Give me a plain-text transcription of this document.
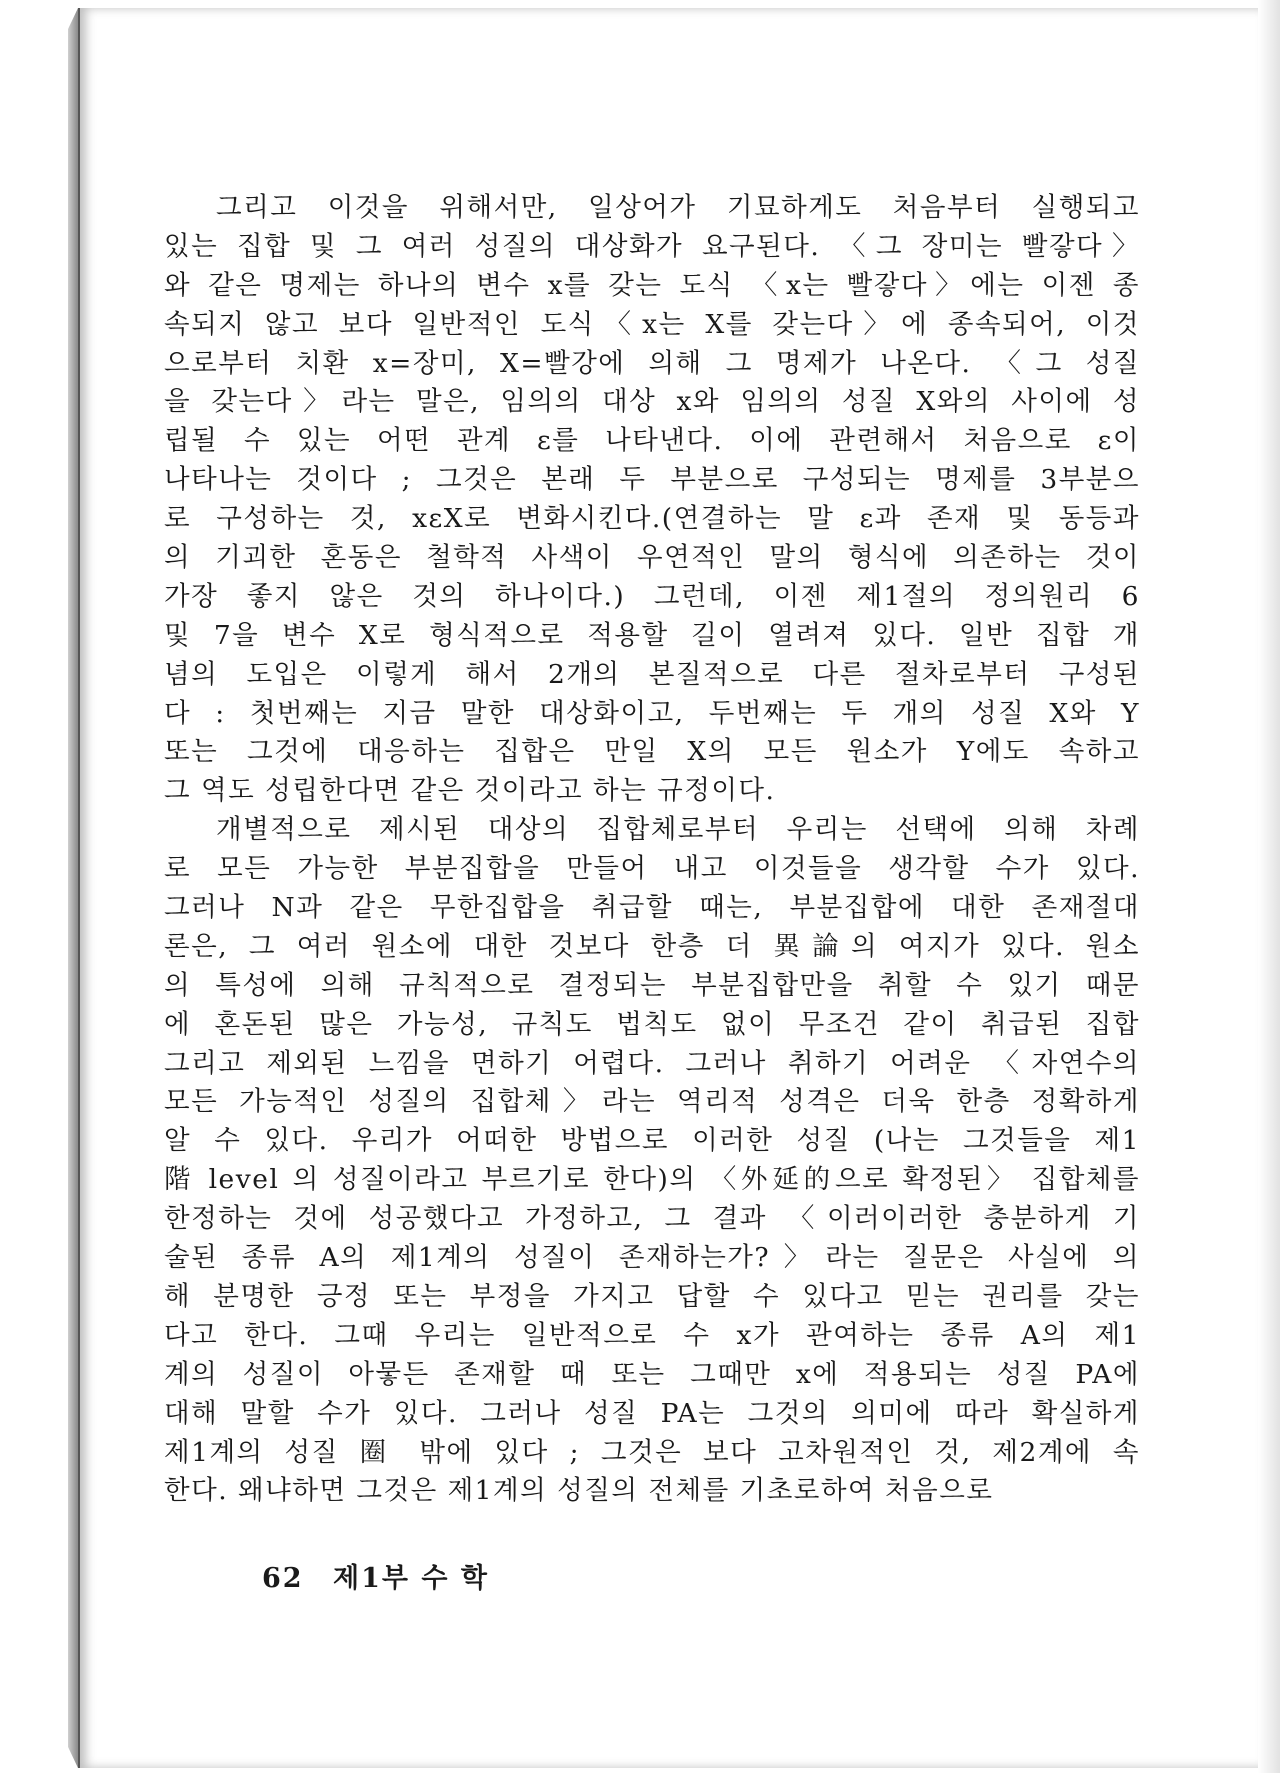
그리고 이것을 위해서만, 일상어가 기묘하게도 처음부터 실행되고
있는 집합 및 그 여러 성질의 대상화가 요구된다. 〈그 장미는 빨갛다〉
와 같은 명제는 하나의 변수 x를 갖는 도식 〈x는 빨갛다〉에는 이젠 종
속되지 않고 보다 일반적인 도식〈x는 X를 갖는다〉에 종속되어, 이것
으로부터 치환 x=장미, X=빨강에 의해 그 명제가 나온다. 〈그 성질
을 갖는다〉라는 말은, 임의의 대상 x와 임의의 성질 X와의 사이에 성
립될 수 있는 어떤 관계 ε를 나타낸다. 이에 관련해서 처음으로 ε이
나타나는 것이다 ; 그것은 본래 두 부분으로 구성되는 명제를 3부분으
로 구성하는 것, xεX로 변화시킨다.(연결하는 말 ε과 존재 및 동등과
의 기괴한 혼동은 철학적 사색이 우연적인 말의 형식에 의존하는 것이
가장 좋지 않은 것의 하나이다.) 그런데, 이젠 제1절의 정의원리 6
및 7을 변수 X로 형식적으로 적용할 길이 열려져 있다. 일반 집합 개
념의 도입은 이렇게 해서 2개의 본질적으로 다른 절차로부터 구성된
다 : 첫번째는 지금 말한 대상화이고, 두번째는 두 개의 성질 X와 Y
또는 그것에 대응하는 집합은 만일 X의 모든 원소가 Y에도 속하고
그 역도 성립한다면 같은 것이라고 하는 규정이다.
개별적으로 제시된 대상의 집합체로부터 우리는 선택에 의해 차례
로 모든 가능한 부분집합을 만들어 내고 이것들을 생각할 수가 있다.
그러나 N과 같은 무한집합을 취급할 때는, 부분집합에 대한 존재절대
론은, 그 여러 원소에 대한 것보다 한층 더 異論의 여지가 있다. 원소
의 특성에 의해 규칙적으로 결정되는 부분집합만을 취할 수 있기 때문
에 혼돈된 많은 가능성, 규칙도 법칙도 없이 무조건 같이 취급된 집합
그리고 제외된 느낌을 면하기 어렵다. 그러나 취하기 어려운 〈자연수의
모든 가능적인 성질의 집합체〉라는 역리적 성격은 더욱 한층 정확하게
알 수 있다. 우리가 어떠한 방법으로 이러한 성질 (나는 그것들을 제1
階 level 의 성질이라고 부르기로 한다)의 〈外延的으로 확정된〉 집합체를
한정하는 것에 성공했다고 가정하고, 그 결과 〈이러이러한 충분하게 기
술된 종류 A의 제1계의 성질이 존재하는가?〉라는 질문은 사실에 의
해 분명한 긍정 또는 부정을 가지고 답할 수 있다고 믿는 권리를 갖는
다고 한다. 그때 우리는 일반적으로 수 x가 관여하는 종류 A의 제1
계의 성질이 아뭏든 존재할 때 또는 그때만 x에 적용되는 성질 PA에
대해 말할 수가 있다. 그러나 성질 PA는 그것의 의미에 따라 확실하게
제1계의 성질 圈 밖에 있다 ; 그것은 보다 고차원적인 것, 제2계에 속
한다. 왜냐하면 그것은 제1계의 성질의 전체를 기초로하여 처음으로
62 제1부 수 학
